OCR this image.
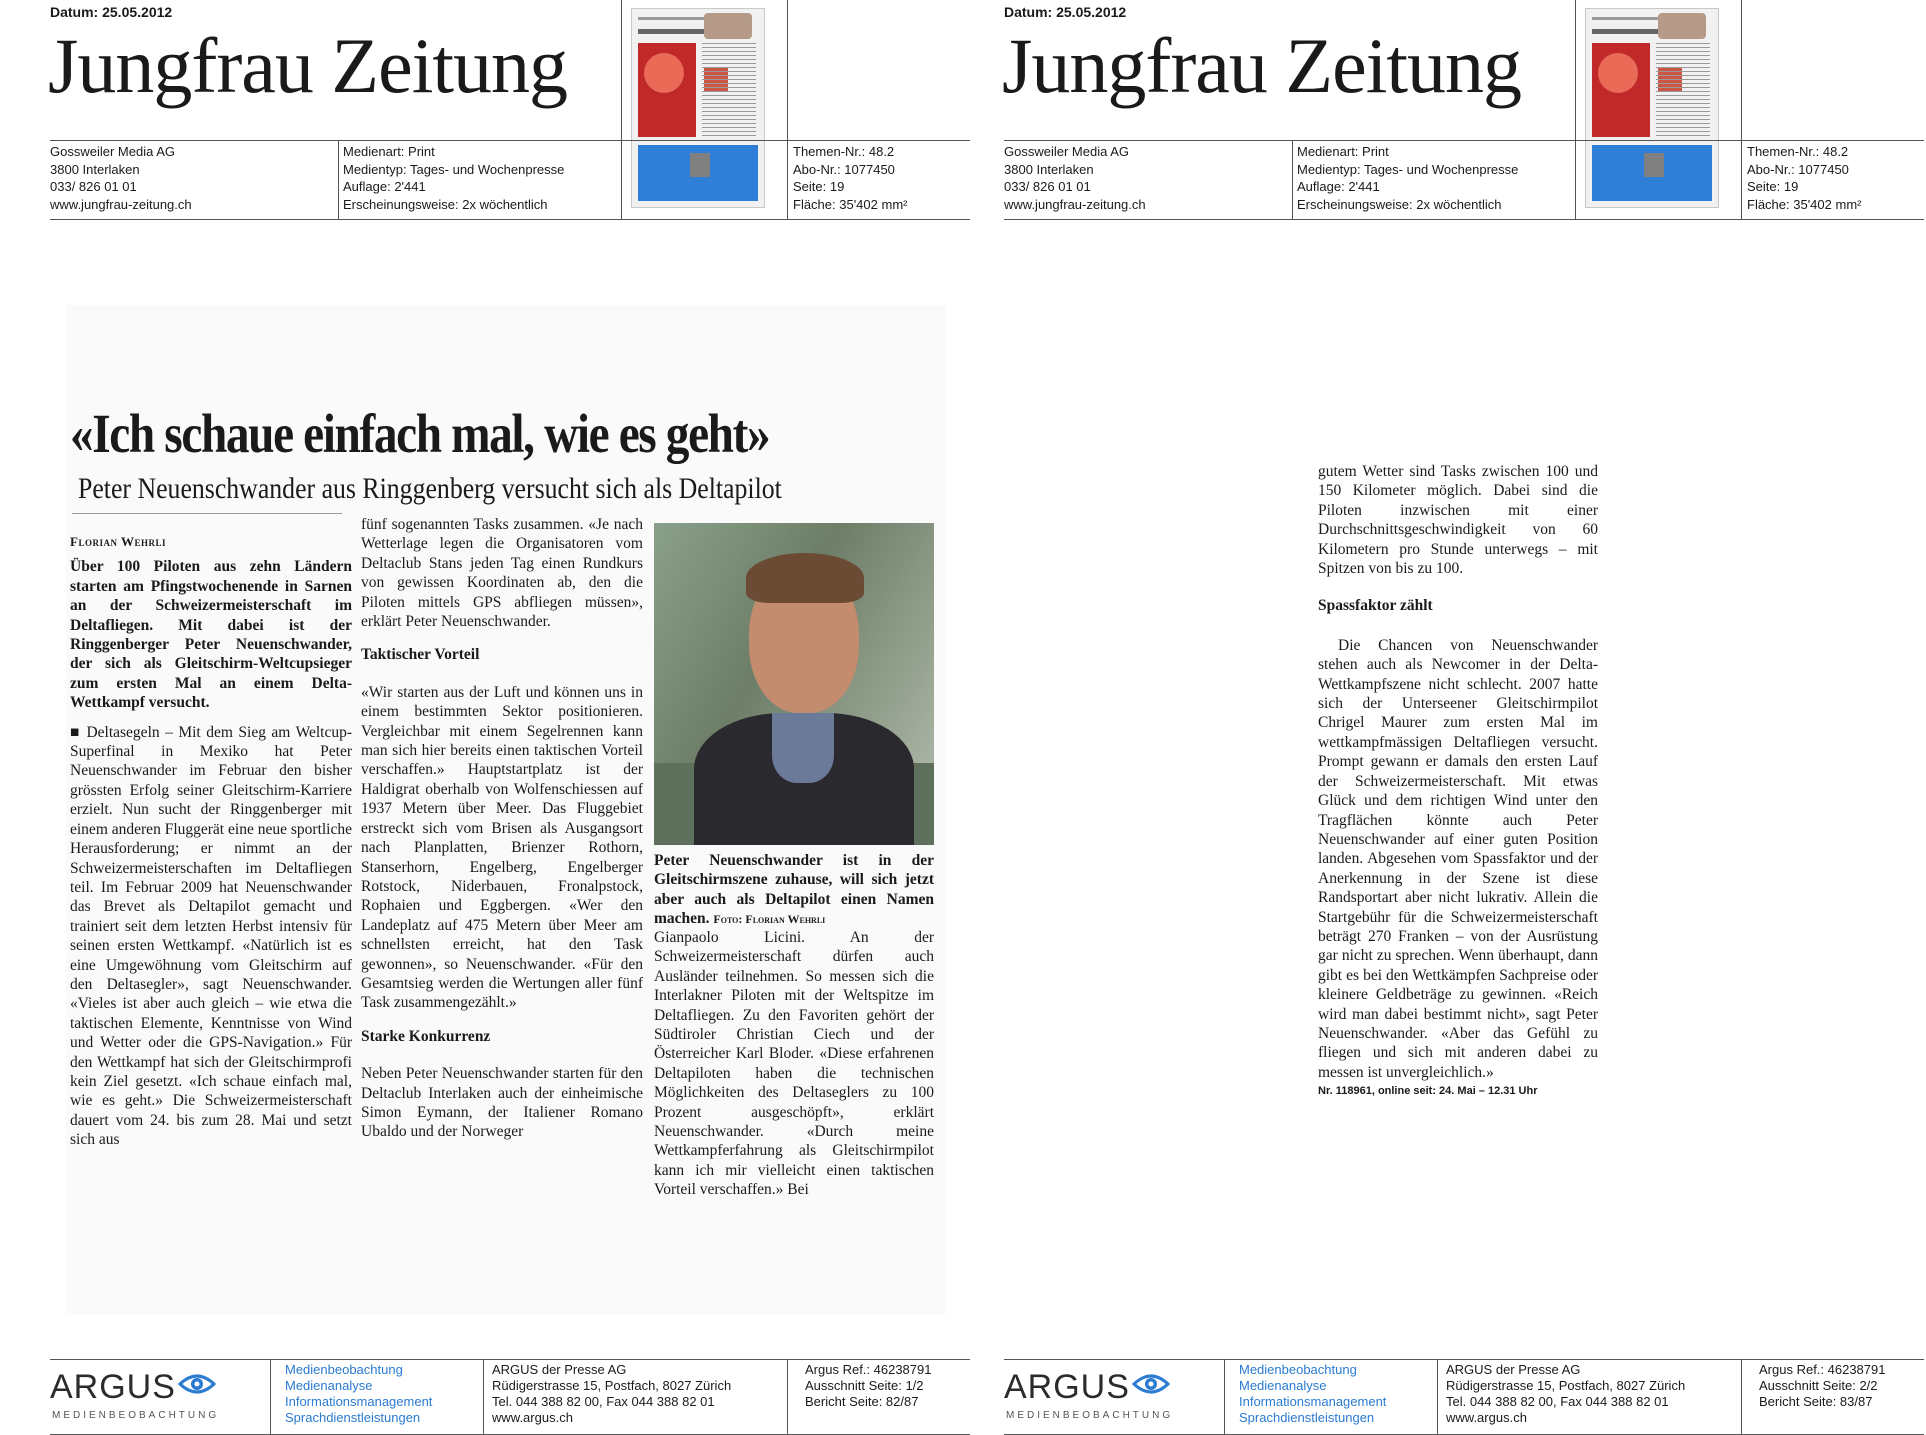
Datum: 25.05.2012
Jungfrau Zeitung
Gossweiler Media AG
3800 Interlaken
033/ 826 01 01
www.jungfrau-zeitung.ch
Medienart: Print
Medientyp: Tages- und Wochenpresse
Auflage: 2'441
Erscheinungsweise: 2x wöchentlich
Themen-Nr.: 48.2
Abo-Nr.: 1077450
Seite: 19
Fläche: 35'402 mm²
«Ich schaue einfach mal, wie es geht»
Peter Neuenschwander aus Ringgenberg versucht sich als Deltapilot
Florian Wehrli

Über 100 Piloten aus zehn Ländern starten am Pfingstwochenende in Sarnen an der Schweizermeisterschaft im Deltafliegen. Mit dabei ist der Ringgenberger Peter Neuenschwander, der sich als Gleitschirm-Weltcupsieger zum ersten Mal an einem Delta-Wettkampf versucht.

■ Deltasegeln – Mit dem Sieg am Weltcup-Superfinal in Mexiko hat Peter Neuenschwander im Februar den bisher grössten Erfolg seiner Gleitschirm-Karriere erzielt. Nun sucht der Ringgenberger mit einem anderen Fluggerät eine neue sportliche Herausforderung; er nimmt an der Schweizermeisterschaften im Deltafliegen teil. Im Februar 2009 hat Neuenschwander das Brevet als Deltapilot gemacht und trainiert seit dem letzten Herbst intensiv für seinen ersten Wettkampf. «Natürlich ist es eine Umgewöhnung vom Gleitschirm auf den Deltasegler», sagt Neuenschwander. «Vieles ist aber auch gleich – wie etwa die taktischen Elemente, Kenntnisse von Wind und Wetter oder die GPS-Navigation.» Für den Wettkampf hat sich der Gleitschirmprofi kein Ziel gesetzt. «Ich schaue einfach mal, wie es geht.» Die Schweizermeisterschaft dauert vom 24. bis zum 28. Mai und setzt sich aus

fünf sogenannten Tasks zusammen. «Je nach Wetterlage legen die Organisatoren vom Deltaclub Stans jeden Tag einen Rundkurs von gewissen Koordinaten ab, den die Piloten mittels GPS abfliegen müssen», erklärt Peter Neuenschwander.

Taktischer Vorteil

«Wir starten aus der Luft und können uns in einem bestimmten Sektor positionieren. Vergleichbar mit einem Segelrennen kann man sich hier bereits einen taktischen Vorteil verschaffen.» Hauptstartplatz ist der Haldigrat oberhalb von Wolfenschiessen auf 1937 Metern über Meer. Das Fluggebiet erstreckt sich vom Brisen als Ausgangsort nach Planplatten, Brienzer Rothorn, Stanserhorn, Engelberg, Engelberger Rotstock, Niderbauen, Fronalpstock, Rophaien und Eggbergen. «Wer den Landeplatz auf 475 Metern über Meer am schnellsten erreicht, hat den Task gewonnen», so Neuenschwander. «Für den Gesamtsieg werden die Wertungen aller fünf Task zusammengezählt.»

Starke Konkurrenz

Neben Peter Neuenschwander starten für den Deltaclub Interlaken auch der einheimische Simon Eymann, der Italiener Romano Ubaldo und der Norweger

Peter Neuenschwander ist in der Gleitschirmszene zuhause, will sich jetzt aber auch als Deltapilot einen Namen machen. Foto: Florian Wehrli

Gianpaolo Licini. An der Schweizermeisterschaft dürfen auch Ausländer teilnehmen. So messen sich die Interlakner Piloten mit der Weltspitze im Deltafliegen. Zu den Favoriten gehört der Südtiroler Christian Ciech und der Österreicher Karl Bloder. «Diese erfahrenen Deltapiloten haben die technischen Möglichkeiten des Deltaseglers zu 100 Prozent ausgeschöpft», erklärt Neuenschwander. «Durch meine Wettkampferfahrung als Gleitschirmpilot kann ich mir vielleicht einen taktischen Vorteil verschaffen.» Bei

ARGUS
MEDIENBEOBACHTUNG
Medienbeobachtung
Medienanalyse
Informationsmanagement
Sprachdienstleistungen
ARGUS der Presse AG
Rüdigerstrasse 15, Postfach, 8027 Zürich
Tel. 044 388 82 00, Fax 044 388 82 01
www.argus.ch
Argus Ref.: 46238791
Ausschnitt Seite: 1/2
Bericht Seite: 82/87
Datum: 25.05.2012
Jungfrau Zeitung
Gossweiler Media AG
3800 Interlaken
033/ 826 01 01
www.jungfrau-zeitung.ch
Medienart: Print
Medientyp: Tages- und Wochenpresse
Auflage: 2'441
Erscheinungsweise: 2x wöchentlich
Themen-Nr.: 48.2
Abo-Nr.: 1077450
Seite: 19
Fläche: 35'402 mm²

gutem Wetter sind Tasks zwischen 100 und 150 Kilometer möglich. Dabei sind die Piloten inzwischen mit einer Durchschnittsgeschwindigkeit von 60 Kilometern pro Stunde unterwegs – mit Spitzen von bis zu 100.

Spassfaktor zählt

Die Chancen von Neuenschwander stehen auch als Newcomer in der Delta-Wettkampfszene nicht schlecht. 2007 hatte sich der Unterseener Gleitschirmpilot Chrigel Maurer zum ersten Mal im wettkampfmässigen Deltafliegen versucht. Prompt gewann er damals den ersten Lauf der Schweizermeisterschaft. Mit etwas Glück und dem richtigen Wind unter den Tragflächen könnte auch Peter Neuenschwander auf einer guten Position landen. Abgesehen vom Spassfaktor und der Anerkennung in der Szene ist diese Randsportart aber nicht lukrativ. Allein die Startgebühr für die Schweizermeisterschaft beträgt 270 Franken – von der Ausrüstung gar nicht zu sprechen. Wenn überhaupt, dann gibt es bei den Wettkämpfen Sachpreise oder kleinere Geldbeträge zu gewinnen. «Reich wird man dabei bestimmt nicht», sagt Peter Neuenschwander. «Aber das Gefühl zu fliegen und sich mit anderen dabei zu messen ist unvergleichlich.»

Nr. 118961, online seit: 24. Mai – 12.31 Uhr
ARGUS
MEDIENBEOBACHTUNG
Medienbeobachtung
Medienanalyse
Informationsmanagement
Sprachdienstleistungen
ARGUS der Presse AG
Rüdigerstrasse 15, Postfach, 8027 Zürich
Tel. 044 388 82 00, Fax 044 388 82 01
www.argus.ch
Argus Ref.: 46238791
Ausschnitt Seite: 2/2
Bericht Seite: 83/87
